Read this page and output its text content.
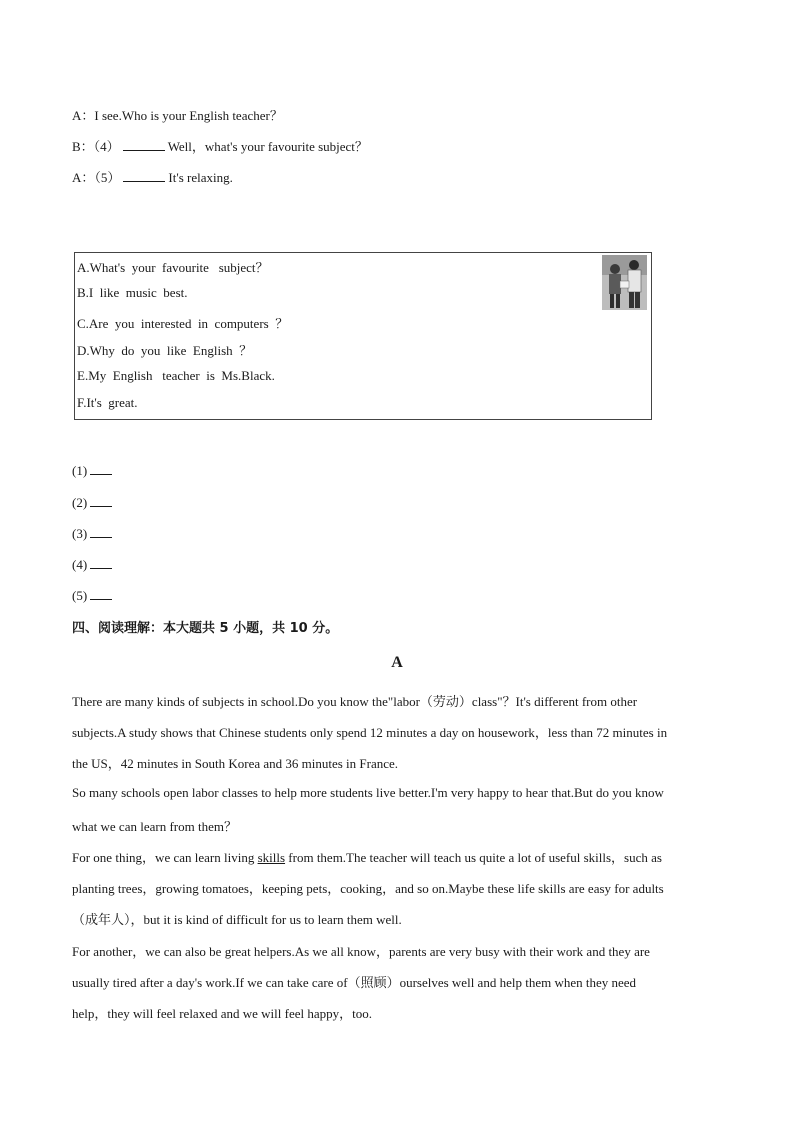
A：I see.Who is your English teacher？
B：（4）	Well，what's your favourite subject？
A：（5）	It's relaxing.
A.What's  your  favourite   subject？
B.I  like  music  best.
C.Are  you  interested  in  computers  ？
D.Why  do  you  like  English  ？
E.My  English   teacher  is  Ms.Black.
F.It's  great.
(1)
(2)
(3)
(4)
(5)
四、阅读理解：本大题共 5 小题，共 10 分。
A
There are many kinds of subjects in school.Do you know the"labor（劳动）class"？It's different from other
subjects.A study shows that Chinese students only spend 12 minutes a day on housework，less than 72 minutes in
the US，42 minutes in South Korea and 36 minutes in France.
So many schools open labor classes to help more students live better.I'm very happy to hear that.But do you know
what we can learn from them？
For one thing，we can learn living skills from them.The teacher will teach us quite a lot of useful skills，such as
planting trees，growing tomatoes，keeping pets，cooking，and so on.Maybe these life skills are easy for adults
（成年人），but it is kind of difficult for us to learn them well.
For another，we can also be great helpers.As we all know，parents are very busy with their work and they are
usually tired after a day's work.If we can take care of（照顾）ourselves well and help them when they need
help，they will feel relaxed and we will feel happy，too.
